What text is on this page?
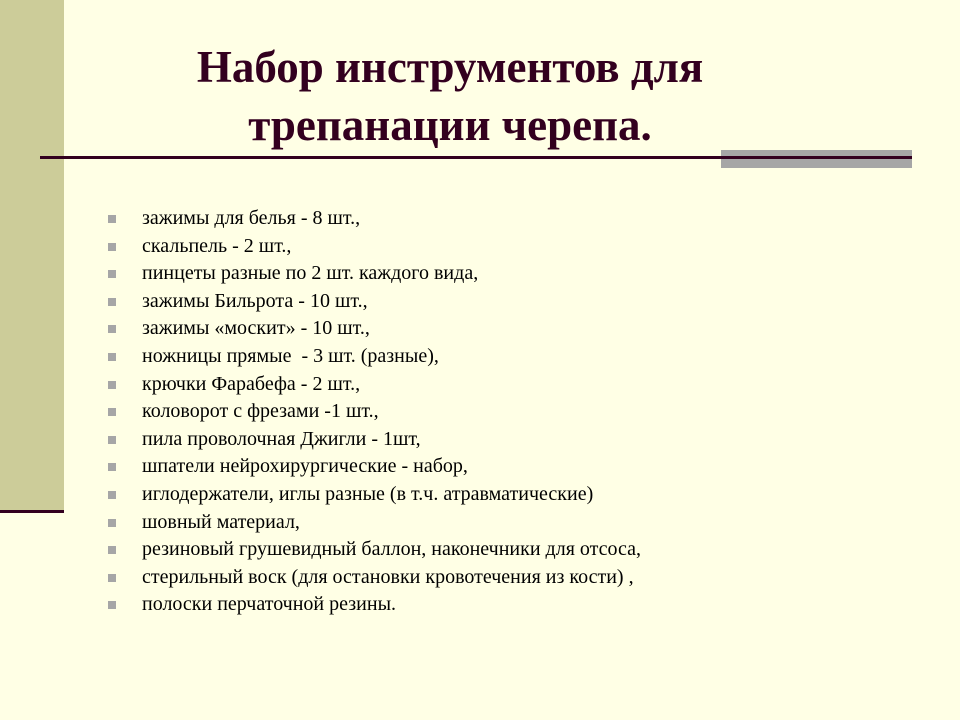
Набор инструментов для
трепанации черепа.
зажимы для белья - 8 шт.,
скальпель - 2 шт.,
пинцеты разные по 2 шт. каждого вида,
зажимы Бильрота - 10 шт.,
зажимы «москит» - 10 шт.,
ножницы прямые  - 3 шт. (разные),
крючки Фарабефа - 2 шт.,
коловорот с фрезами -1 шт.,
пила проволочная Джигли - 1шт,
шпатели нейрохирургические - набор,
иглодержатели, иглы разные (в т.ч. атравматические)
шовный материал,
резиновый грушевидный баллон, наконечники для отсоса,
стерильный воск (для остановки кровотечения из кости) ,
полоски перчаточной резины.
